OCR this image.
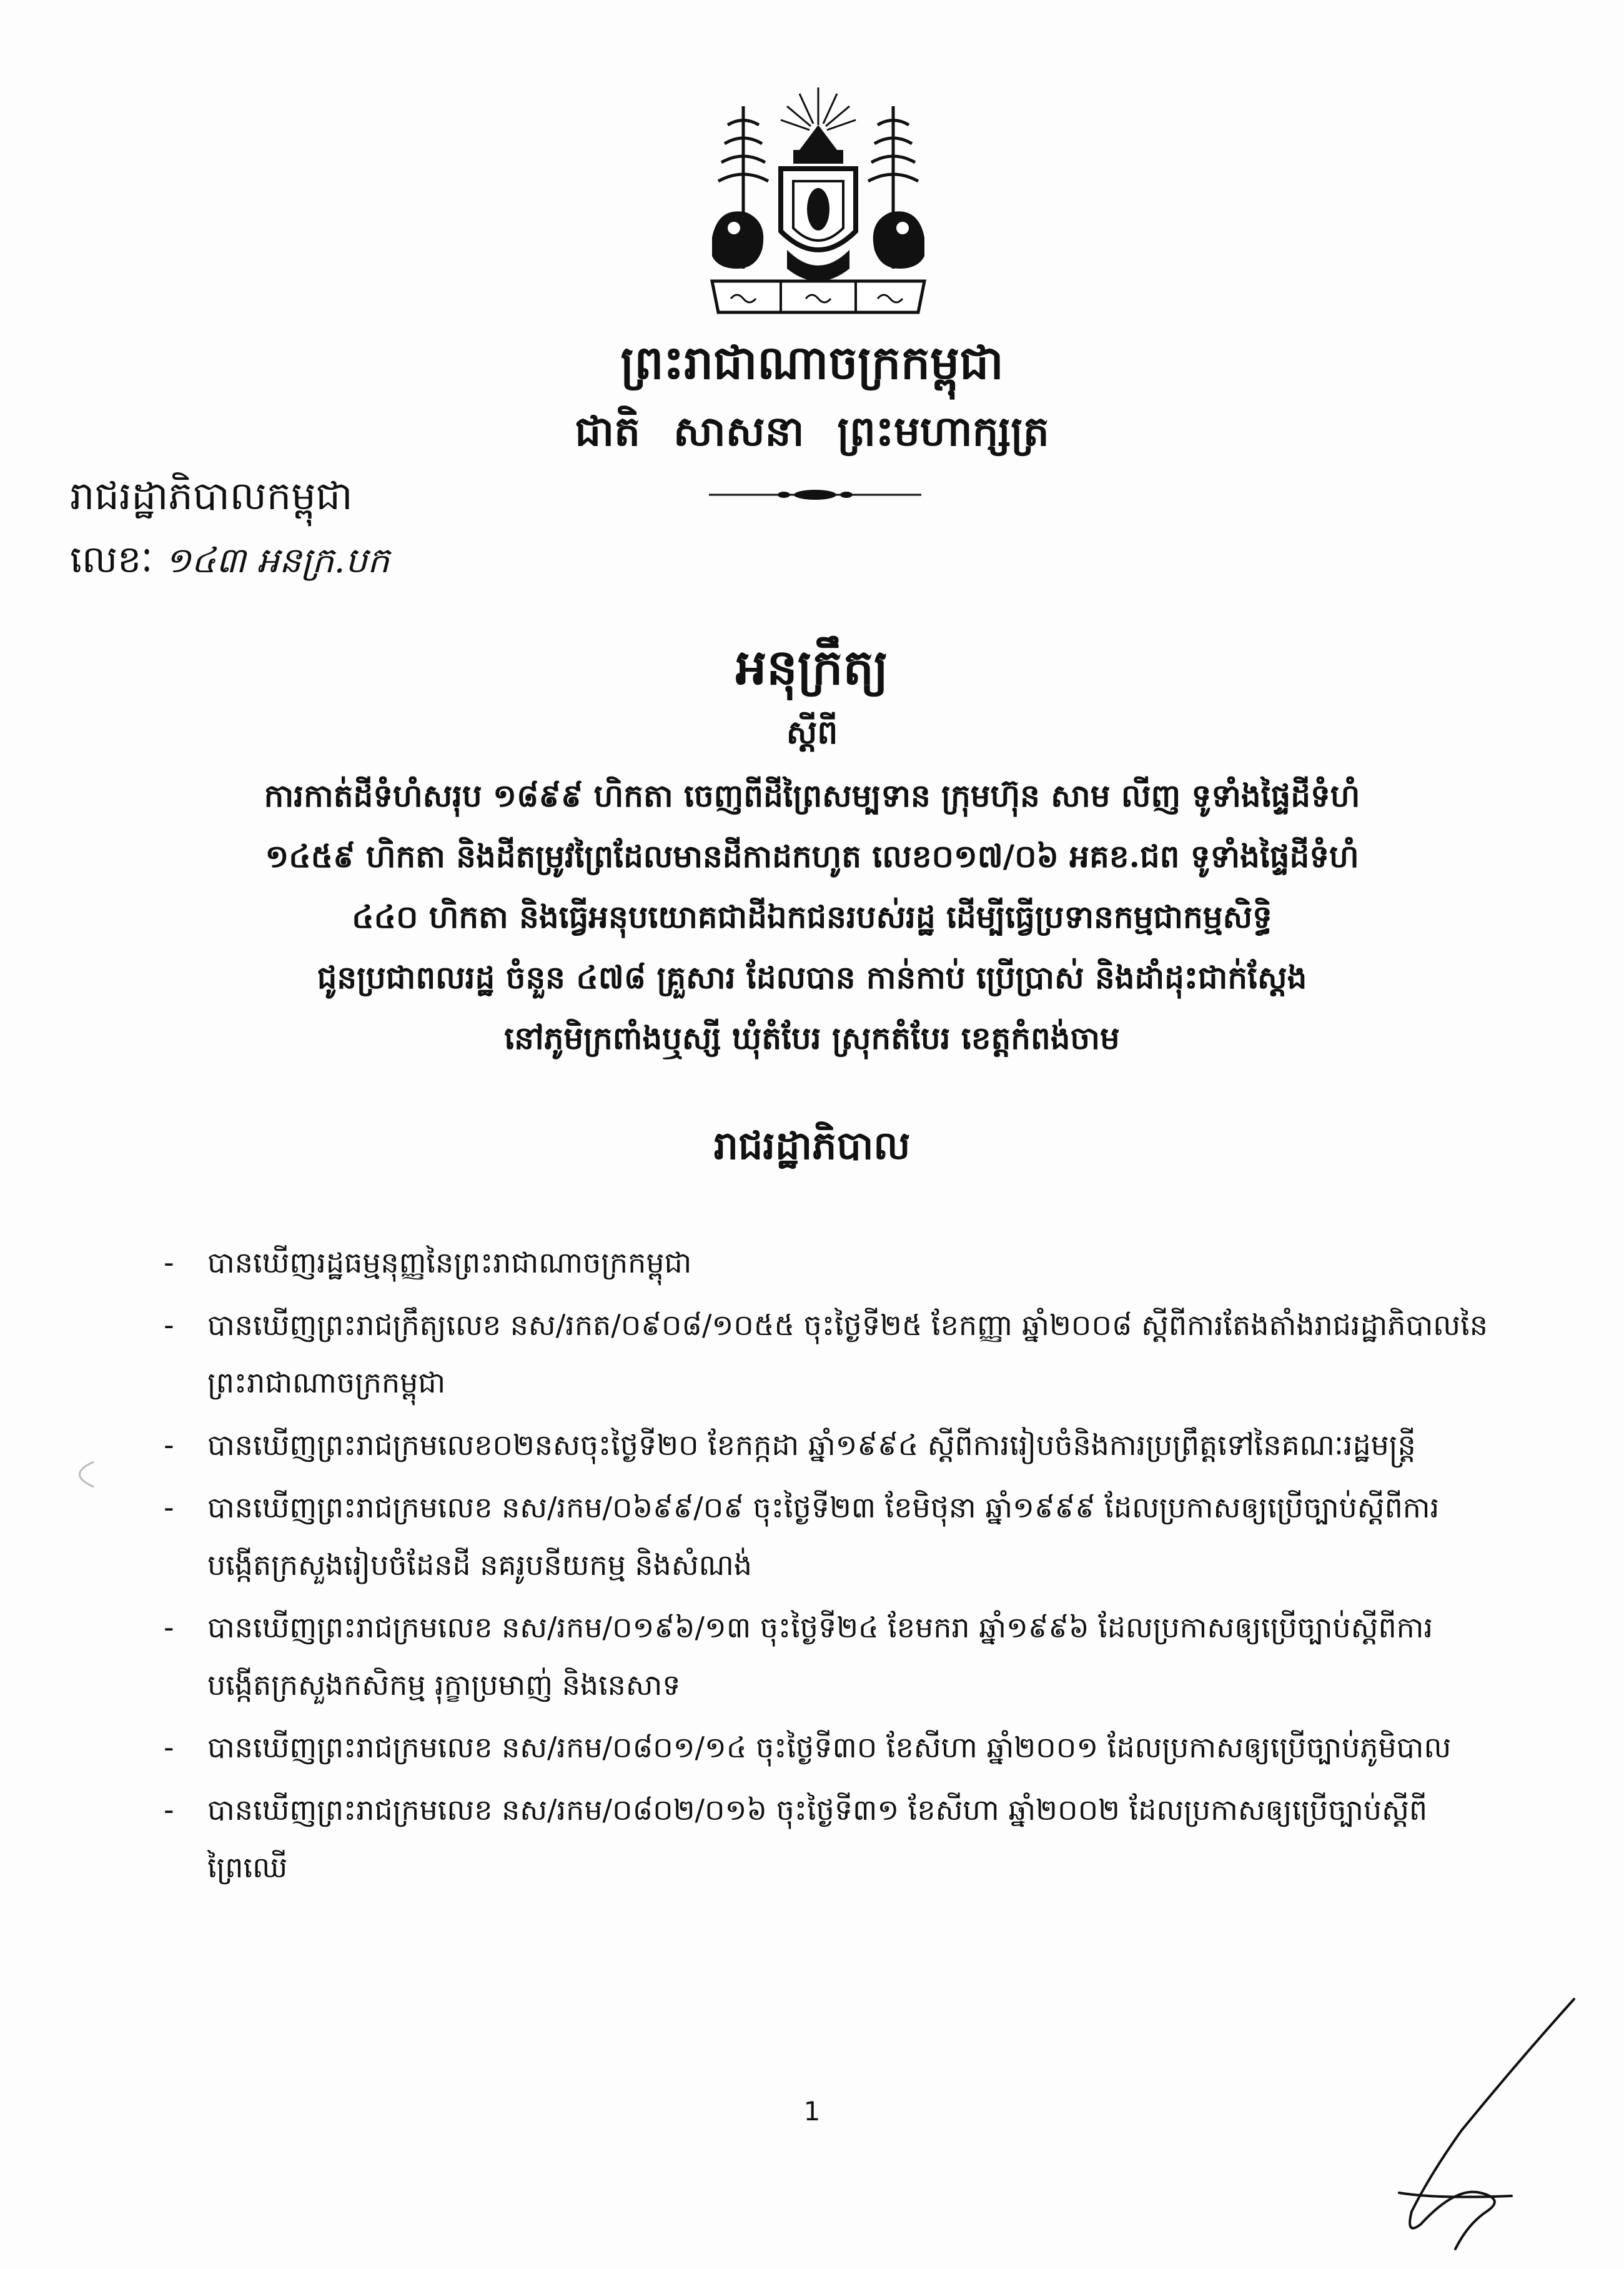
ព្រះរាជាណាចក្រកម្ពុជា
ជាតិ សាសនា ព្រះមហាក្សត្រ
រាជរដ្ឋាភិបាលកម្ពុជា
លេខៈ ១៤៣ អនក្រ.បក
អនុក្រឹត្យ
ស្តីពី
ការកាត់ដីទំហំសរុប ១៨៩៩ ហិកតា ចេញពីដីព្រៃសម្បទាន ក្រុមហ៊ុន សាម លីញ ទូទាំងផ្ទៃដីទំហំ
១៤៥៩ ហិកតា និងដីតម្រូវព្រៃដែលមានដីកាដកហូត លេខ០១៧/០៦ អគខ.ជព ទូទាំងផ្ទៃដីទំហំ
៤៤០ ហិកតា និងធ្វើអនុបយោគជាដីឯកជនរបស់រដ្ឋ ដើម្បីធ្វើប្រទានកម្មជាកម្មសិទ្ធិ
ជូនប្រជាពលរដ្ឋ ចំនួន ៤៧៨ គ្រួសារ ដែលបាន កាន់កាប់ ប្រើប្រាស់ និងដាំដុះជាក់ស្តែង
នៅភូមិក្រពាំងឬស្សី ឃុំតំបែរ ស្រុកតំបែរ ខេត្តកំពង់ចាម
រាជរដ្ឋាភិបាល
- បានឃើញរដ្ឋធម្មនុញ្ញនៃព្រះរាជាណាចក្រកម្ពុជា
- បានឃើញព្រះរាជក្រឹត្យលេខ នស/រកត/០៩០៨/១០៥៥ ចុះថ្ងៃទី២៥ ខែកញ្ញា ឆ្នាំ២០០៨ ស្តីពីការតែងតាំងរាជរដ្ឋាភិបាលនៃព្រះរាជាណាចក្រកម្ពុជា
- បានឃើញព្រះរាជក្រមលេខ០២នសចុះថ្ងៃទី២០ ខែកក្កដា ឆ្នាំ១៩៩៤ ស្តីពីការរៀបចំនិងការប្រព្រឹត្តទៅនៃគណៈរដ្ឋមន្ត្រី
- បានឃើញព្រះរាជក្រមលេខ នស/រកម/០៦៩៩/០៩ ចុះថ្ងៃទី២៣ ខែមិថុនា ឆ្នាំ១៩៩៩ ដែលប្រកាសឲ្យប្រើច្បាប់ស្តីពីការបង្កើតក្រសួងរៀបចំដែនដី នគរូបនីយកម្ម និងសំណង់
- បានឃើញព្រះរាជក្រមលេខ នស/រកម/០១៩៦/១៣ ចុះថ្ងៃទី២៤ ខែមករា ឆ្នាំ១៩៩៦ ដែលប្រកាសឲ្យប្រើច្បាប់ស្តីពីការបង្កើតក្រសួងកសិកម្ម រុក្ខាប្រមាញ់ និងនេសាទ
- បានឃើញព្រះរាជក្រមលេខ នស/រកម/០៨០១/១៤ ចុះថ្ងៃទី៣០ ខែសីហា ឆ្នាំ២០០១ ដែលប្រកាសឲ្យប្រើច្បាប់ភូមិបាល
- បានឃើញព្រះរាជក្រមលេខ នស/រកម/០៨០២/០១៦ ចុះថ្ងៃទី៣១ ខែសីហា ឆ្នាំ២០០២ ដែលប្រកាសឲ្យប្រើច្បាប់ស្តីពីព្រៃឈើ
1
